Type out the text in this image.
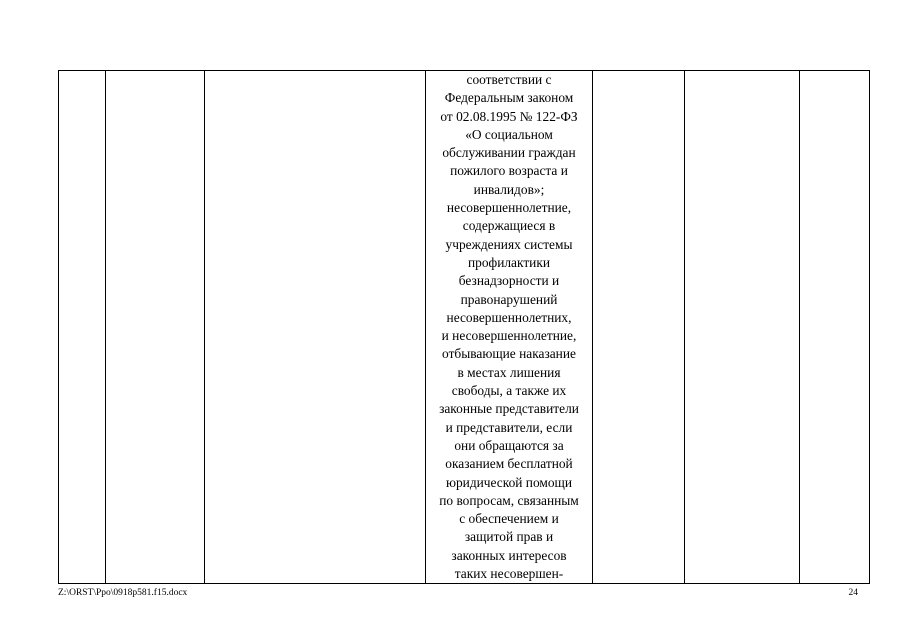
соответствии с
Федеральным законом
от 02.08.1995 № 122-ФЗ
«О социальном
обслуживании граждан
пожилого возраста и
инвалидов»;
несовершеннолетние,
содержащиеся в
учреждениях системы
профилактики
безнадзорности и
правонарушений
несовершеннолетних,
и несовершеннолетние,
отбывающие наказание
в местах лишения
свободы, а также их
законные представители
и представители, если
они обращаются за
оказанием бесплатной
юридической помощи
по вопросам, связанным
с обеспечением и
защитой прав и
законных интересов
таких несовершен-

Z:\ORST\Ppo\0918p581.f15.docx	24
